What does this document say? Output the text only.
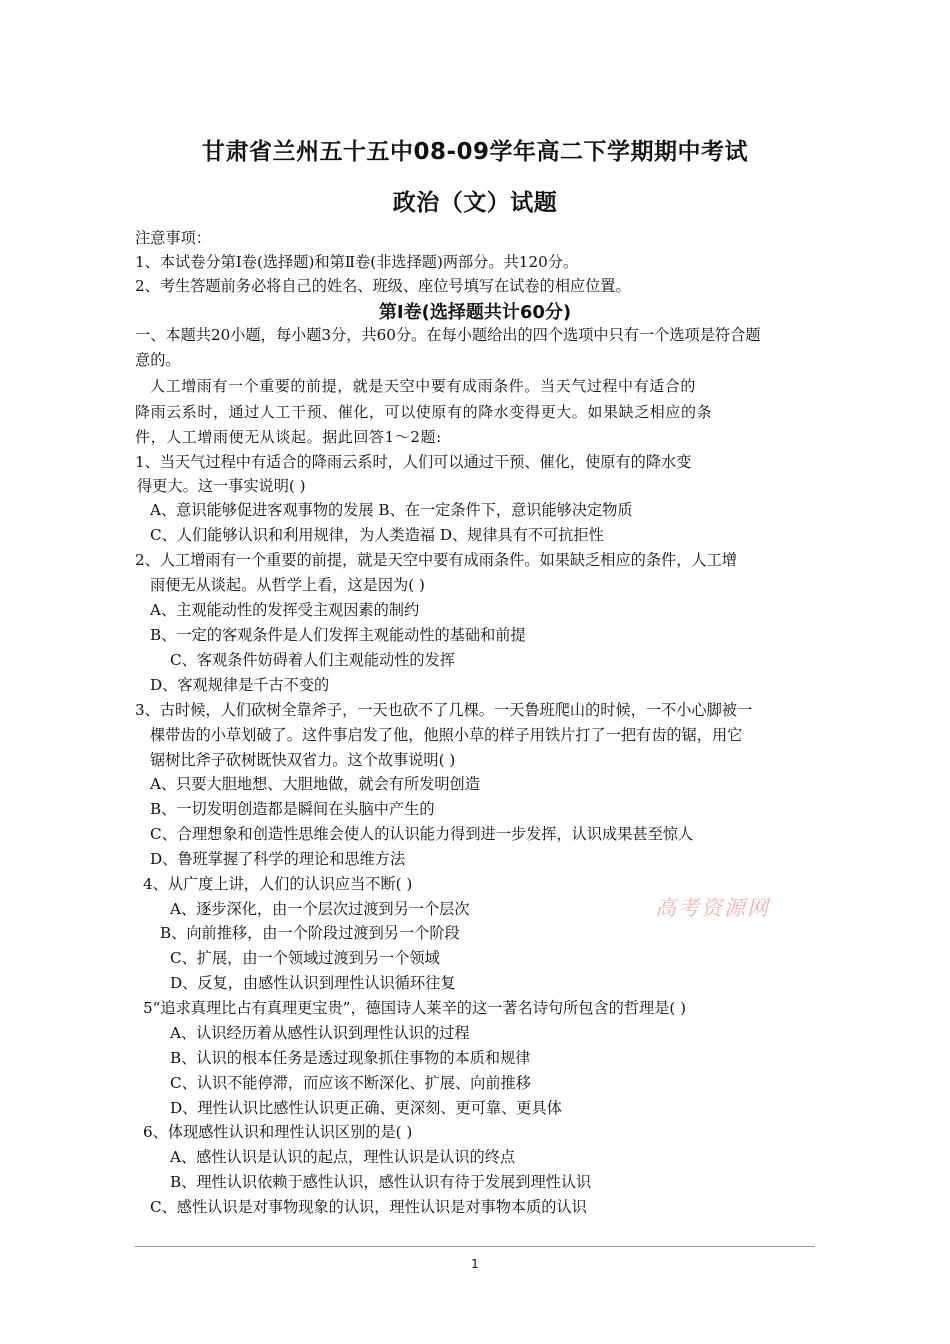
甘肃省兰州五十五中08-09学年高二下学期期中考试
政治（文）试题
注意事项：
1、本试卷分第Ⅰ卷(选择题)和第Ⅱ卷(非选择题)两部分。共120分。
2、考生答题前务必将自己的姓名、班级、座位号填写在试卷的相应位置。
第Ⅰ卷(选择题共计60分)
一、本题共20小题，每小题3分，共60分。在每小题给出的四个选项中只有一个选项是符合题
意的。
人工增雨有一个重要的前提，就是天空中要有成雨条件。当天气过程中有适合的
降雨云系时，通过人工干预、催化，可以使原有的降水变得更大。如果缺乏相应的条
件，人工增雨便无从谈起。据此回答1～2题:
1、当天气过程中有适合的降雨云系时，人们可以通过干预、催化，使原有的降水变
得更大。这一事实说明( )
A、意识能够促进客观事物的发展 B、在一定条件下，意识能够决定物质
C、人们能够认识和利用规律，为人类造福 D、规律具有不可抗拒性
2、人工增雨有一个重要的前提，就是天空中要有成雨条件。如果缺乏相应的条件，人工增
雨便无从谈起。从哲学上看，这是因为( )
A、主观能动性的发挥受主观因素的制约
B、一定的客观条件是人们发挥主观能动性的基础和前提
C、客观条件妨碍着人们主观能动性的发挥
D、客观规律是千古不变的
3、古时候，人们砍树全靠斧子，一天也砍不了几棵。一天鲁班爬山的时候，一不小心脚被一
棵带齿的小草划破了。这件事启发了他，他照小草的样子用铁片打了一把有齿的锯，用它
锯树比斧子砍树既快双省力。这个故事说明( )
A、只要大胆地想、大胆地做，就会有所发明创造
B、一切发明创造都是瞬间在头脑中产生的
C、合理想象和创造性思维会使人的认识能力得到进一步发挥，认识成果甚至惊人
D、鲁班掌握了科学的理论和思维方法
4、从广度上讲，人们的认识应当不断( )
A、逐步深化，由一个层次过渡到另一个层次
B、向前推移，由一个阶段过渡到另一个阶段
C、扩展，由一个领域过渡到另一个领域
D、反复，由感性认识到理性认识循环往复
5“追求真理比占有真理更宝贵”，德国诗人莱辛的这一著名诗句所包含的哲理是( )
A、认识经历着从感性认识到理性认识的过程
B、认识的根本任务是透过现象抓住事物的本质和规律
C、认识不能停滞，而应该不断深化、扩展、向前推移
D、理性认识比感性认识更正确、更深刻、更可靠、更具体
6、体现感性认识和理性认识区别的是( )
A、感性认识是认识的起点，理性认识是认识的终点
B、理性认识依赖于感性认识，感性认识有待于发展到理性认识
C、感性认识是对事物现象的认识，理性认识是对事物本质的认识
高考资源网
1
